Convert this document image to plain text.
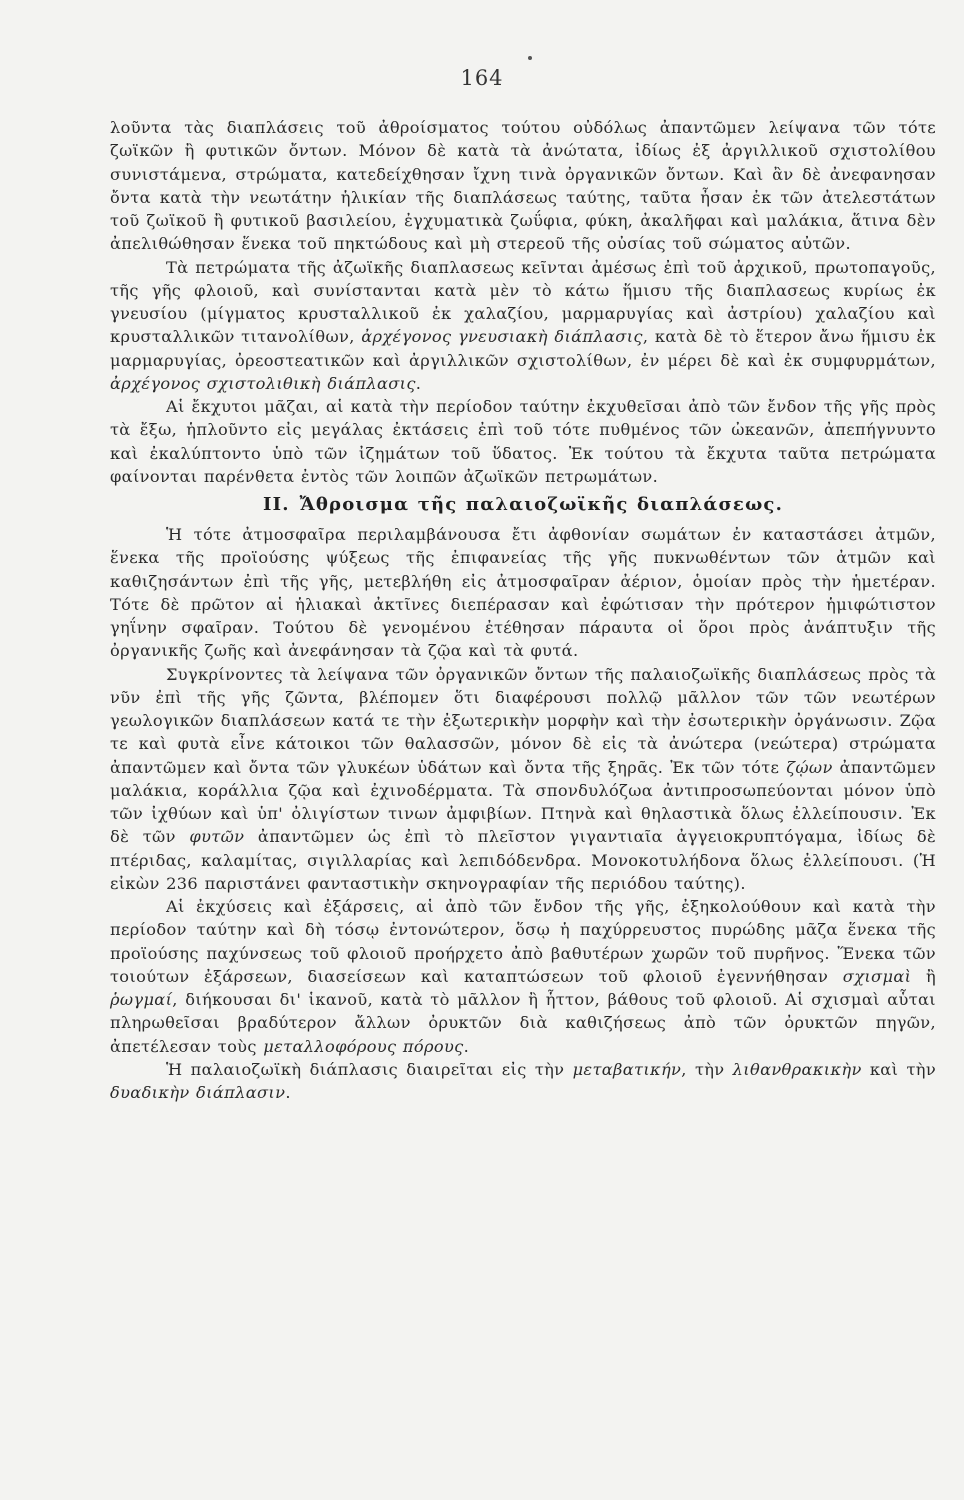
164

λοῦντα τὰς διαπλάσεις τοῦ ἀθροίσματος τούτου οὐδόλως ἀπαντῶμεν λείψανα τῶν τότε ζωϊκῶν ἢ φυτικῶν ὄντων. Μόνον δὲ κατὰ τὰ ἀνώτατα, ἰδίως ἐξ ἀργιλλικοῦ σχιστολίθου συνιστάμενα, στρώματα, κατεδείχθησαν ἴχνη τινὰ ὀργανικῶν ὄντων. Καὶ ἂν δὲ ἀνεφανησαν ὄντα κατὰ τὴν νεωτάτην ἡλικίαν τῆς διαπλάσεως ταύτης, ταῦτα ἦσαν ἐκ τῶν ἀτελεστάτων τοῦ ζωϊκοῦ ἢ φυτικοῦ βασιλείου, ἐγχυματικὰ ζωΰφια, φύκη, ἀκαλῆφαι καὶ μαλάκια, ἅτινα δὲν ἀπελιθώθησαν ἕνεκα τοῦ πηκτώδους καὶ μὴ στερεοῦ τῆς οὐσίας τοῦ σώματος αὐτῶν.

Τὰ πετρώματα τῆς ἀζωϊκῆς διαπλασεως κεῖνται ἀμέσως ἐπὶ τοῦ ἀρχικοῦ, πρωτοπαγοῦς, τῆς γῆς φλοιοῦ, καὶ συνίστανται κατὰ μὲν τὸ κάτω ἥμισυ τῆς διαπλασεως κυρίως ἐκ γνευσίου (μίγματος κρυσταλλικοῦ ἐκ χαλαζίου, μαρμαρυγίας καὶ ἀστρίου) χαλαζίου καὶ κρυσταλλικῶν τιτανολίθων, ἀρχέγονος γνευσιακὴ διάπλασις, κατὰ δὲ τὸ ἕτερον ἄνω ἥμισυ ἐκ μαρμαρυγίας, ὀρεοστεατικῶν καὶ ἀργιλλικῶν σχιστολίθων, ἐν μέρει δὲ καὶ ἐκ συμφυρμάτων, ἀρχέγονος σχιστολιθικὴ διάπλασις.

Αἱ ἔκχυτοι μᾶζαι, αἱ κατὰ τὴν περίοδον ταύτην ἐκχυθεῖσαι ἀπὸ τῶν ἔνδον τῆς γῆς πρὸς τὰ ἔξω, ἡπλοῦντο εἰς μεγάλας ἐκτάσεις ἐπὶ τοῦ τότε πυθμένος τῶν ὠκεανῶν, ἀπεπήγνυντο καὶ ἐκαλύπτοντο ὑπὸ τῶν ἰζημάτων τοῦ ὕδατος. Ἐκ τούτου τὰ ἔκχυτα ταῦτα πετρώματα φαίνονται παρένθετα ἐντὸς τῶν λοιπῶν ἀζωϊκῶν πετρωμάτων.

II. Ἄθροισμα τῆς παλαιοζωϊκῆς διαπλάσεως.

Ἡ τότε ἀτμοσφαῖρα περιλαμβάνουσα ἔτι ἀφθονίαν σωμάτων ἐν καταστάσει ἀτμῶν, ἕνεκα τῆς προϊούσης ψύξεως τῆς ἐπιφανείας τῆς γῆς πυκνωθέντων τῶν ἀτμῶν καὶ καθιζησάντων ἐπὶ τῆς γῆς, μετεβλήθη εἰς ἀτμοσφαῖραν ἀέριον, ὁμοίαν πρὸς τὴν ἡμετέραν. Τότε δὲ πρῶτον αἱ ἡλιακαὶ ἀκτῖνες διεπέρασαν καὶ ἐφώτισαν τὴν πρότερον ἡμιφώτιστον γηΐνην σφαῖραν. Τούτου δὲ γενομένου ἐτέθησαν πάραυτα οἱ ὅροι πρὸς ἀνάπτυξιν τῆς ὀργανικῆς ζωῆς καὶ ἀνεφάνησαν τὰ ζῷα καὶ τὰ φυτά.

Συγκρίνοντες τὰ λείψανα τῶν ὀργανικῶν ὄντων τῆς παλαιοζωϊκῆς διαπλάσεως πρὸς τὰ νῦν ἐπὶ τῆς γῆς ζῶντα, βλέπομεν ὅτι διαφέρουσι πολλῷ μᾶλλον τῶν τῶν νεωτέρων γεωλογικῶν διαπλάσεων κατά τε τὴν ἐξωτερικὴν μορφὴν καὶ τὴν ἐσωτερικὴν ὀργάνωσιν. Ζῷα τε καὶ φυτὰ εἶνε κάτοικοι τῶν θαλασσῶν, μόνον δὲ εἰς τὰ ἀνώτερα (νεώτερα) στρώματα ἀπαντῶμεν καὶ ὄντα τῶν γλυκέων ὑδάτων καὶ ὄντα τῆς ξηρᾶς. Ἐκ τῶν τότε ζῴων ἀπαντῶμεν μαλάκια, κοράλλια ζῷα καὶ ἐχινοδέρματα. Τὰ σπονδυλόζωα ἀντιπροσωπεύονται μόνον ὑπὸ τῶν ἰχθύων καὶ ὑπ' ὀλιγίστων τινων ἀμφιβίων. Πτηνὰ καὶ θηλαστικὰ ὅλως ἐλλείπουσιν. Ἐκ δὲ τῶν φυτῶν ἀπαντῶμεν ὡς ἐπὶ τὸ πλεῖστον γιγαντιαῖα ἀγγειοκρυπτόγαμα, ἰδίως δὲ πτέριδας, καλαμίτας, σιγιλλαρίας καὶ λεπιδόδενδρα. Μονοκοτυλήδονα ὅλως ἐλλείπουσι. (Ἡ εἰκὼν 236 παριστάνει φανταστικὴν σκηνογραφίαν τῆς περιόδου ταύτης).

Αἱ ἐκχύσεις καὶ ἐξάρσεις, αἱ ἀπὸ τῶν ἔνδον τῆς γῆς, ἐξηκολούθουν καὶ κατὰ τὴν περίοδον ταύτην καὶ δὴ τόσῳ ἐντονώτερον, ὅσῳ ἡ παχύρρευστος πυρώδης μᾶζα ἕνεκα τῆς προϊούσης παχύνσεως τοῦ φλοιοῦ προήρχετο ἀπὸ βαθυτέρων χωρῶν τοῦ πυρῆνος. Ἕνεκα τῶν τοιούτων ἐξάρσεων, διασείσεων καὶ καταπτώσεων τοῦ φλοιοῦ ἐγεννήθησαν σχισμαὶ ἢ ῥωγμαί, διήκουσαι δι' ἱκανοῦ, κατὰ τὸ μᾶλλον ἢ ἧττον, βάθους τοῦ φλοιοῦ. Αἱ σχισμαὶ αὗται πληρωθεῖσαι βραδύτερον ἄλλων ὀρυκτῶν διὰ καθιζήσεως ἀπὸ τῶν ὀρυκτῶν πηγῶν, ἀπετέλεσαν τοὺς μεταλλοφόρους πόρους.

Ἡ παλαιοζωϊκὴ διάπλασις διαιρεῖται εἰς τὴν μεταβατικήν, τὴν λιθανθρακικὴν καὶ τὴν δυαδικὴν διάπλασιν.
